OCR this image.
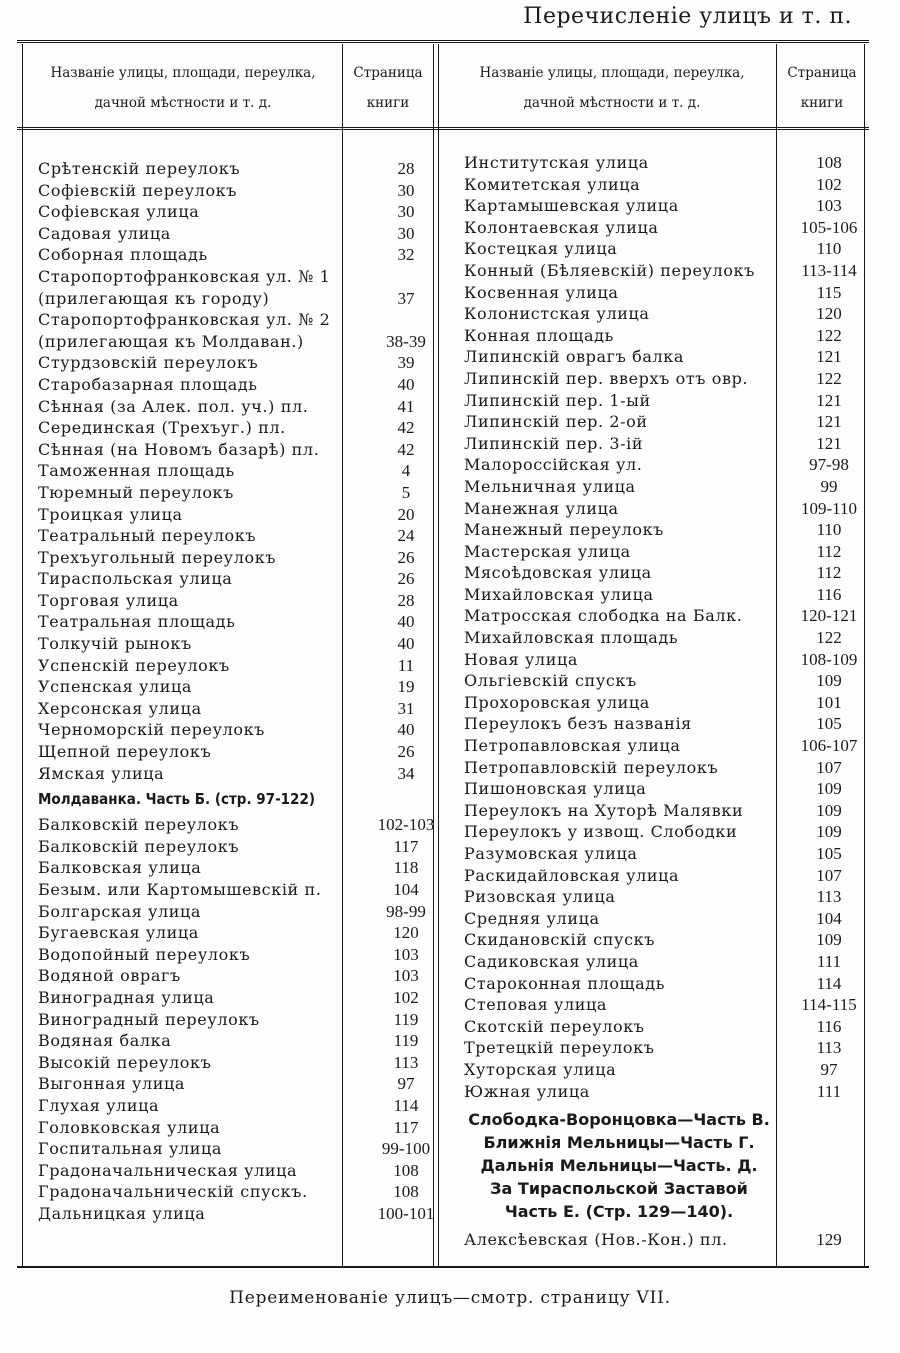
Перечисленіе улицъ и т. п.
Названіе улицы, площади, переулка, дачной мѣстности и т. д.
Страница книги
Названіе улицы, площади, переулка, дачной мѣстности и т. д.
Страница книги
Срѣтенскій переулокъ	28
Софіевскій переулокъ	30
Софіевская улица	30
Садовая улица	30
Соборная площадь	32
Старопортофранковская ул. № 1
(прилегающая къ городу)	37
Старопортофранковская ул. № 2
(прилегающая къ Молдаван.)	38-39
Стурдзовскій переулокъ	39
Старобазарная площадь	40
Сѣнная (за Алек. пол. уч.) пл.	41
Серединская (Трехъуг.) пл.	42
Сѣнная (на Новомъ базарѣ) пл.	42
Таможенная площадь	4
Тюремный переулокъ	5
Троицкая улица	20
Театральный переулокъ	24
Трехъугольный переулокъ	26
Тираспольская улица	26
Торговая улица	28
Театральная площадь	40
Толкучій рынокъ	40
Успенскій переулокъ	11
Успенская улица	19
Херсонская улица	31
Черноморскій переулокъ	40
Щепной переулокъ	26
Ямская улица	34
Молдаванка. Часть Б. (стр. 97-122)
Балковскій переулокъ	102-103
Балковскій переулокъ	117
Балковская улица	118
Безым. или Картомышевскій п.	104
Болгарская улица	98-99
Бугаевская улица	120
Водопойный переулокъ	103
Водяной оврагъ	103
Виноградная улица	102
Виноградный переулокъ	119
Водяная балка	119
Высокій переулокъ	113
Выгонная улица	97
Глухая улица	114
Головковская улица	117
Госпитальная улица	99-100
Градоначальническая улица	108
Градоначальническій спускъ.	108
Дальницкая улица	100-101
Институтская улица	108
Комитетская улица	102
Картамышевская улица	103
Колонтаевская улица	105-106
Костецкая улица	110
Конный (Бѣляевскій) переулокъ	113-114
Косвенная улица	115
Колонистская улица	120
Конная площадь	122
Липинскій оврагъ балка	121
Липинскій пер. вверхъ отъ овр.	122
Липинскій пер. 1-ый	121
Липинскій пер. 2-ой	121
Липинскій пер. 3-ій	121
Малороссійская ул.	97-98
Мельничная улица	99
Манежная улица	109-110
Манежный переулокъ	110
Мастерская улица	112
Мясоѣдовская улица	112
Михайловская улица	116
Матросская слободка на Балк.	120-121
Михайловская площадь	122
Новая улица	108-109
Ольгіевскій спускъ	109
Прохоровская улица	101
Переулокъ безъ названія	105
Петропавловская улица	106-107
Петропавловскій переулокъ	107
Пишоновская улица	109
Переулокъ на Хуторѣ Малявки	109
Переулокъ у извощ. Слободки	109
Разумовская улица	105
Раскидайловская улица	107
Ризовская улица	113
Средняя улица	104
Скидановскій спускъ	109
Садиковская улица	111
Староконная площадь	114
Степовая улица	114-115
Скотскій переулокъ	116
Третецкій переулокъ	113
Хуторская улица	97
Южная улица	111
Слободка-Воронцовка—Часть В.
Ближнія Мельницы—Часть Г.
Дальнія Мельницы—Часть. Д.
За Тираспольской Заставой
Часть Е. (Стр. 129—140).
Алексѣевская (Нов.-Кон.) пл.	129
Переименованіе улицъ—смотр. страницу VII.
